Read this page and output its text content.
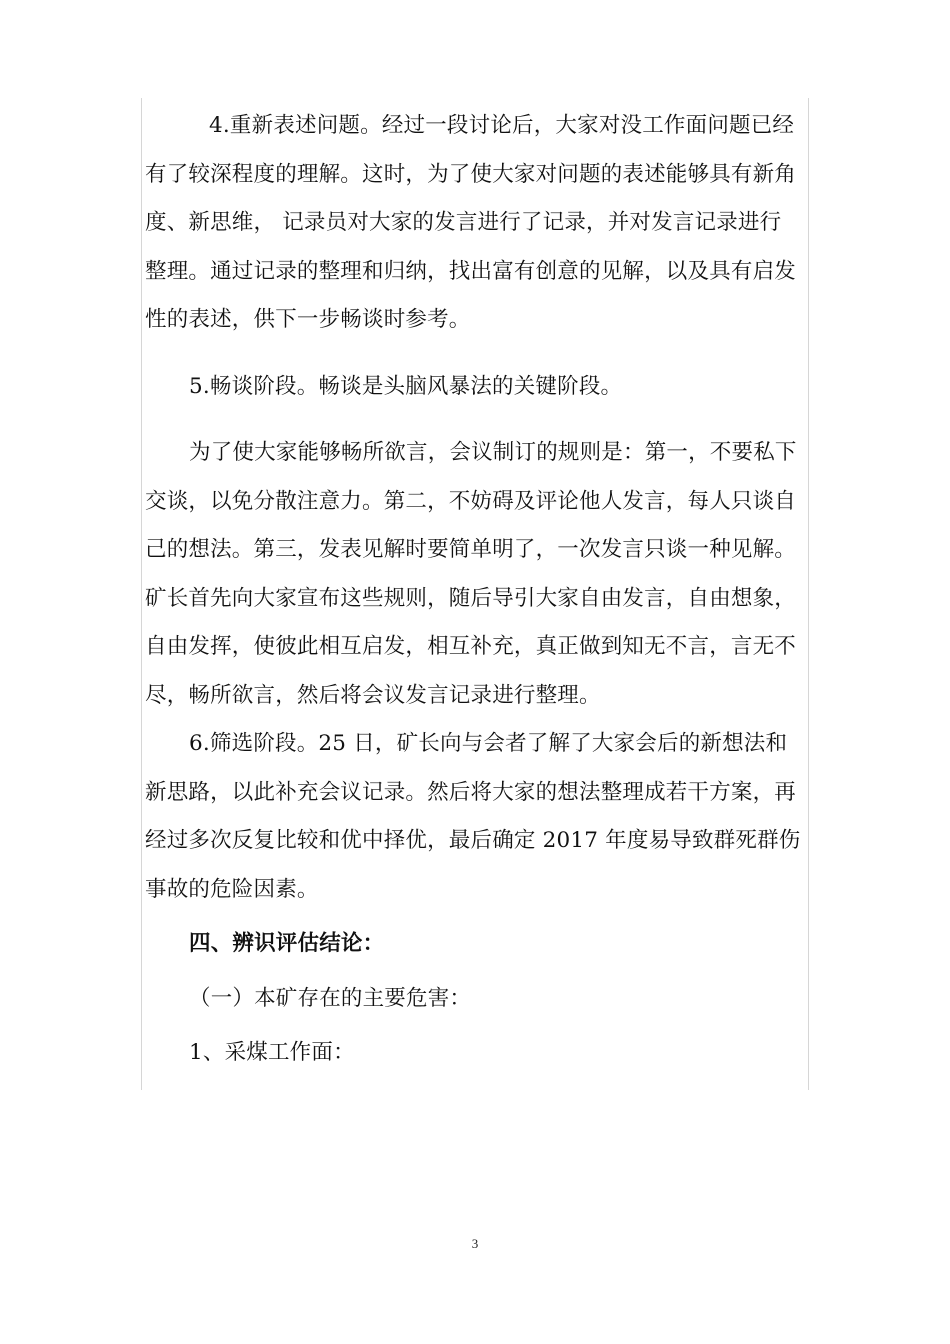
4.重新表述问题。经过一段讨论后，大家对没工作面问题已经
有了较深程度的理解。这时，为了使大家对问题的表述能够具有新角
度、新思维， 记录员对大家的发言进行了记录，并对发言记录进行
整理。通过记录的整理和归纳，找出富有创意的见解，以及具有启发
性的表述，供下一步畅谈时参考。
5.畅谈阶段。畅谈是头脑风暴法的关键阶段。
为了使大家能够畅所欲言，会议制订的规则是：第一，不要私下
交谈，以免分散注意力。第二，不妨碍及评论他人发言，每人只谈自
己的想法。第三，发表见解时要简单明了，一次发言只谈一种见解。
矿长首先向大家宣布这些规则，随后导引大家自由发言，自由想象，
自由发挥，使彼此相互启发，相互补充，真正做到知无不言，言无不
尽，畅所欲言，然后将会议发言记录进行整理。
6.筛选阶段。25 日，矿长向与会者了解了大家会后的新想法和
新思路，以此补充会议记录。然后将大家的想法整理成若干方案，再
经过多次反复比较和优中择优，最后确定 2017 年度易导致群死群伤
事故的危险因素。
四、辨识评估结论：
（一）本矿存在的主要危害：
1、采煤工作面：
3
